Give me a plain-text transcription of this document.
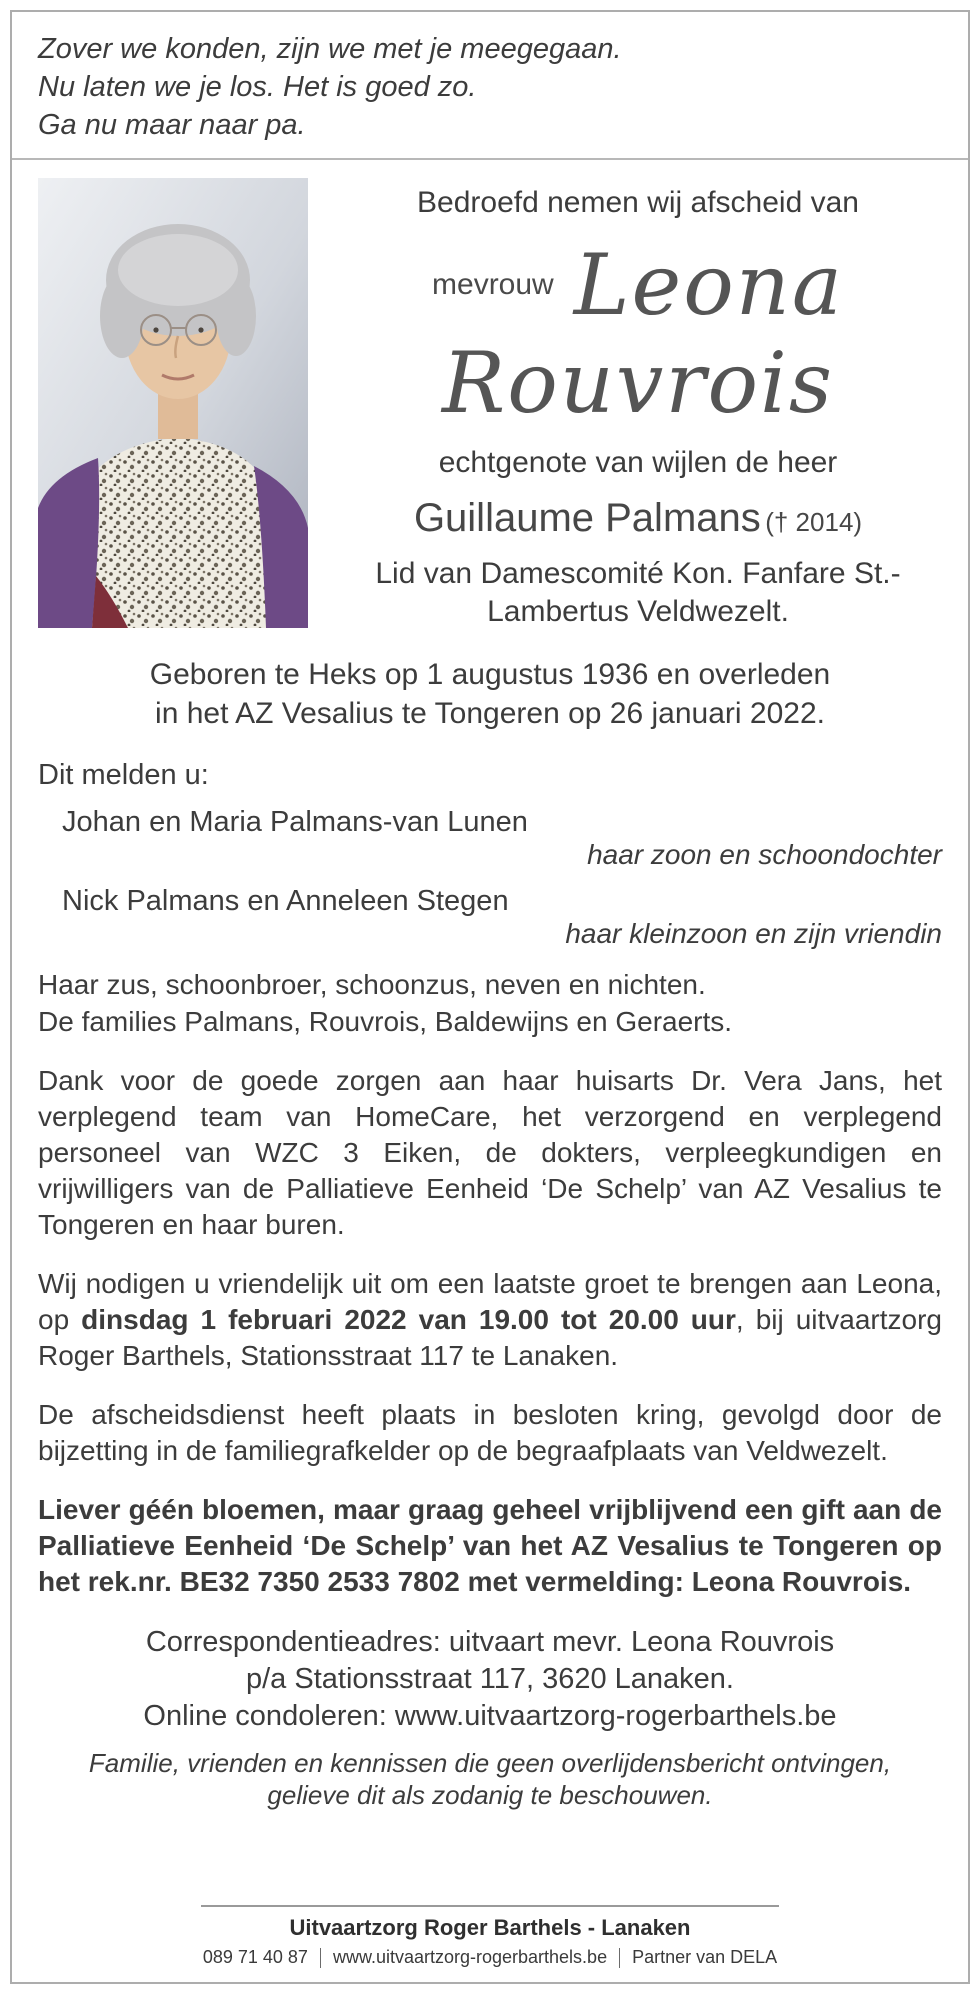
Zover we konden, zijn we met je meegegaan.
Nu laten we je los. Het is goed zo.
Ga nu maar naar pa.
Bedroefd nemen wij afscheid van
mevrouw Leona
Rouvrois
echtgenote van wijlen de heer
Guillaume Palmans († 2014)
Lid van Damescomité Kon. Fanfare St.-Lambertus Veldwezelt.
Geboren te Heks op 1 augustus 1936 en overleden
in het AZ Vesalius te Tongeren op 26 januari 2022.
Dit melden u:
Johan en Maria Palmans-van Lunen
haar zoon en schoondochter
Nick Palmans en Anneleen Stegen
haar kleinzoon en zijn vriendin
Haar zus, schoonbroer, schoonzus, neven en nichten.
De families Palmans, Rouvrois, Baldewijns en Geraerts.

Dank voor de goede zorgen aan haar huisarts Dr. Vera Jans, het verplegend team van HomeCare, het verzorgend en verplegend personeel van WZC 3 Eiken, de dokters, verpleegkundigen en vrijwilligers van de Palliatieve Eenheid ‘De Schelp’ van AZ Vesalius te Tongeren en haar buren.

Wij nodigen u vriendelijk uit om een laatste groet te brengen aan Leona, op dinsdag 1 februari 2022 van 19.00 tot 20.00 uur, bij uitvaartzorg Roger Barthels, Stationsstraat 117 te Lanaken.

De afscheidsdienst heeft plaats in besloten kring, gevolgd door de bijzetting in de familiegrafkelder op de begraafplaats van Veldwezelt.

Liever géén bloemen, maar graag geheel vrijblijvend een gift aan de Palliatieve Eenheid ‘De Schelp’ van het AZ Vesalius te Tongeren op het rek.nr. BE32 7350 2533 7802 met vermelding: Leona Rouvrois.

Correspondentieadres: uitvaart mevr. Leona Rouvrois
p/a Stationsstraat 117, 3620 Lanaken.
Online condoleren: www.uitvaartzorg-rogerbarthels.be
Familie, vrienden en kennissen die geen overlijdensbericht ontvingen,
gelieve dit als zodanig te beschouwen.
Uitvaartzorg Roger Barthels - Lanaken
089 71 40 87 www.uitvaartzorg-rogerbarthels.be Partner van DELA
